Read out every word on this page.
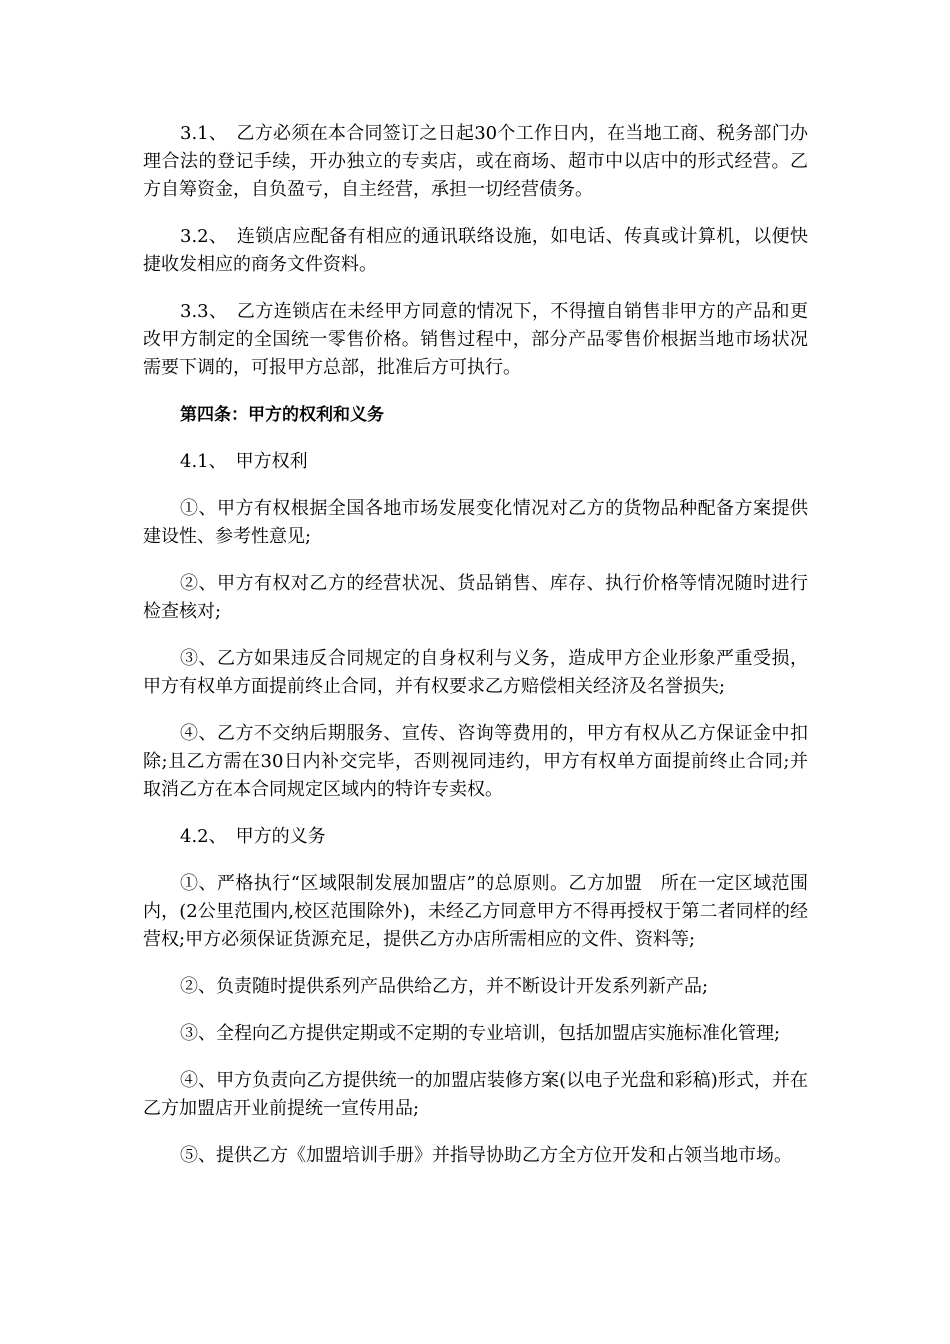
3.1、　乙方必须在本合同签订之日起30个工作日内，在当地工商、税务部门办理合法的登记手续，开办独立的专卖店，或在商场、超市中以店中的形式经营。乙方自筹资金，自负盈亏，自主经营，承担一切经营债务。

3.2、　连锁店应配备有相应的通讯联络设施，如电话、传真或计算机，以便快捷收发相应的商务文件资料。

3.3、　乙方连锁店在未经甲方同意的情况下，不得擅自销售非甲方的产品和更改甲方制定的全国统一零售价格。销售过程中，部分产品零售价根据当地市场状况需要下调的，可报甲方总部，批准后方可执行。

第四条：甲方的权利和义务

4.1、　甲方权利

①、甲方有权根据全国各地市场发展变化情况对乙方的货物品种配备方案提供建设性、参考性意见;

②、甲方有权对乙方的经营状况、货品销售、库存、执行价格等情况随时进行检查核对;

③、乙方如果违反合同规定的自身权利与义务，造成甲方企业形象严重受损，甲方有权单方面提前终止合同，并有权要求乙方赔偿相关经济及名誉损失;

④、乙方不交纳后期服务、宣传、咨询等费用的，甲方有权从乙方保证金中扣除;且乙方需在30日内补交完毕，否则视同违约，甲方有权单方面提前终止合同;并取消乙方在本合同规定区域内的特许专卖权。

4.2、　甲方的义务

①、严格执行“区域限制发展加盟店”的总原则。乙方加盟　所在一定区域范围内，(2公里范围内,校区范围除外)，未经乙方同意甲方不得再授权于第二者同样的经营权;甲方必须保证货源充足，提供乙方办店所需相应的文件、资料等;

②、负责随时提供系列产品供给乙方，并不断设计开发系列新产品;

③、全程向乙方提供定期或不定期的专业培训，包括加盟店实施标准化管理;

④、甲方负责向乙方提供统一的加盟店装修方案(以电子光盘和彩稿)形式，并在乙方加盟店开业前提统一宣传用品;

⑤、提供乙方《加盟培训手册》并指导协助乙方全方位开发和占领当地市场。
